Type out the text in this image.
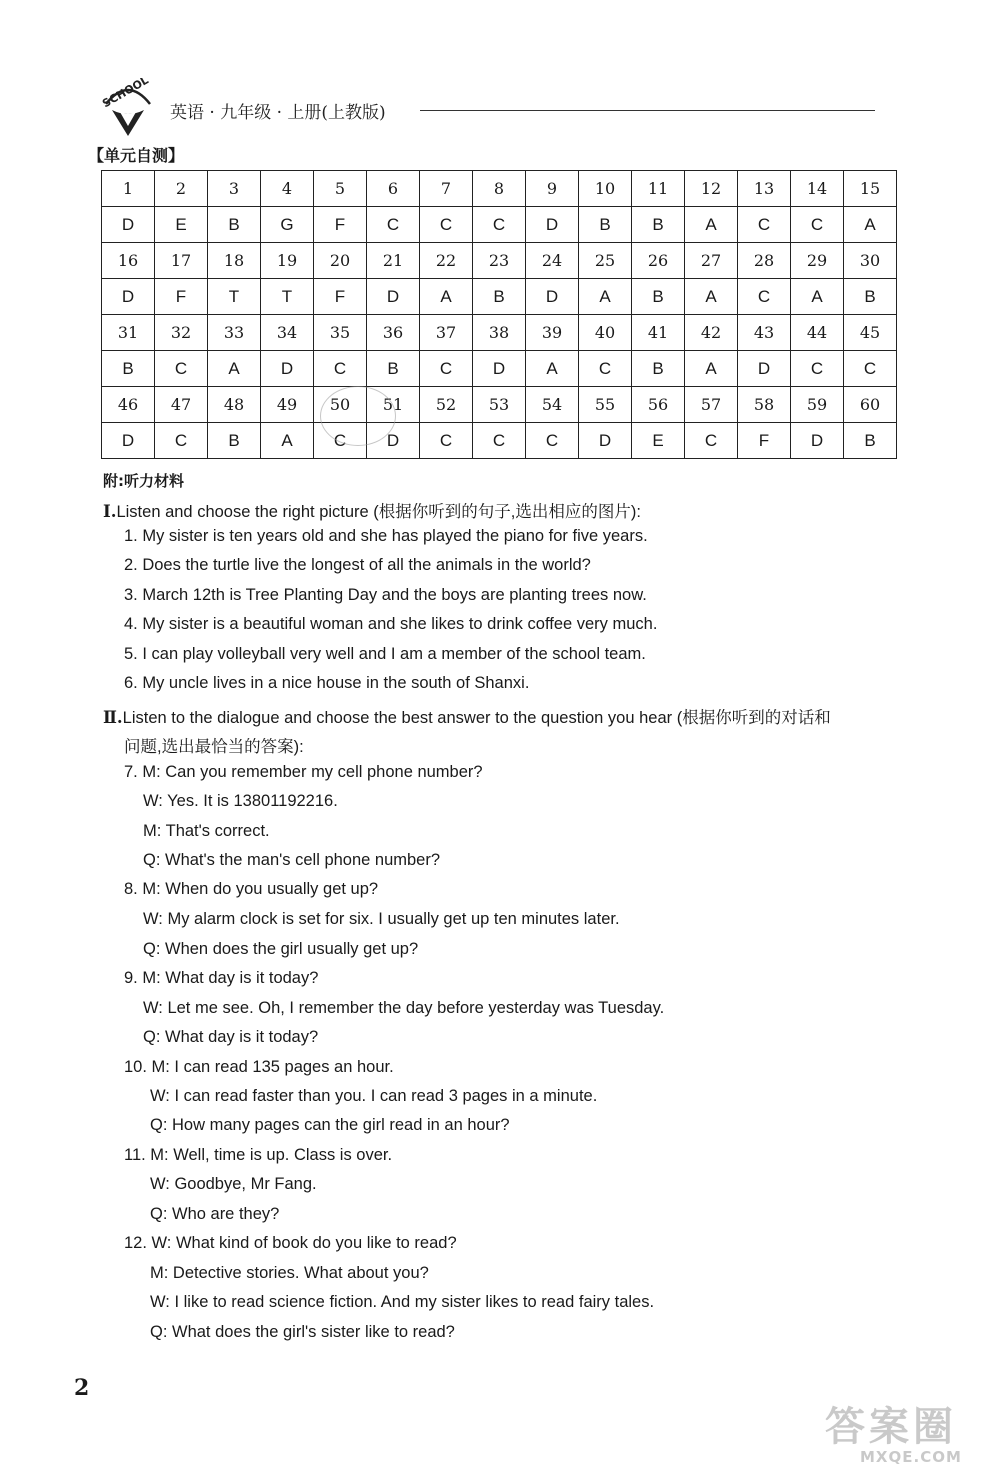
SCHOOL
英语 · 九年级 · 上册(上教版)
【单元自测】
1	2	3	4	5	6	7	8	9	10	11	12	13	14	15
D	E	B	G	F	C	C	C	D	B	B	A	C	C	A
16	17	18	19	20	21	22	23	24	25	26	27	28	29	30
D	F	T	T	F	D	A	B	D	A	B	A	C	A	B
31	32	33	34	35	36	37	38	39	40	41	42	43	44	45
B	C	A	D	C	B	C	D	A	C	B	A	D	C	C
46	47	48	49	50	51	52	53	54	55	56	57	58	59	60
D	C	B	A	C	D	C	C	C	D	E	C	F	D	B
附:听力材料
Ⅰ.Listen and choose the right picture (根据你听到的句子,选出相应的图片):
1. My sister is ten years old and she has played the piano for five years.
2. Does the turtle live the longest of all the animals in the world?
3. March 12th is Tree Planting Day and the boys are planting trees now.
4. My sister is a beautiful woman and she likes to drink coffee very much.
5. I can play volleyball very well and I am a member of the school team.
6. My uncle lives in a nice house in the south of Shanxi.
Ⅱ.Listen to the dialogue and choose the best answer to the question you hear (根据你听到的对话和
问题,选出最恰当的答案):
7. M: Can you remember my cell phone number?
W: Yes. It is 13801192216.
M: That's correct.
Q: What's the man's cell phone number?
8. M: When do you usually get up?
W: My alarm clock is set for six. I usually get up ten minutes later.
Q: When does the girl usually get up?
9. M: What day is it today?
W: Let me see. Oh, I remember the day before yesterday was Tuesday.
Q: What day is it today?
10. M: I can read 135 pages an hour.
W: I can read faster than you. I can read 3 pages in a minute.
Q: How many pages can the girl read in an hour?
11. M: Well, time is up. Class is over.
W: Goodbye, Mr Fang.
Q: Who are they?
12. W: What kind of book do you like to read?
M: Detective stories. What about you?
W: I like to read science fiction. And my sister likes to read fairy tales.
Q: What does the girl's sister like to read?
2
答案圈
MXQE.COM
